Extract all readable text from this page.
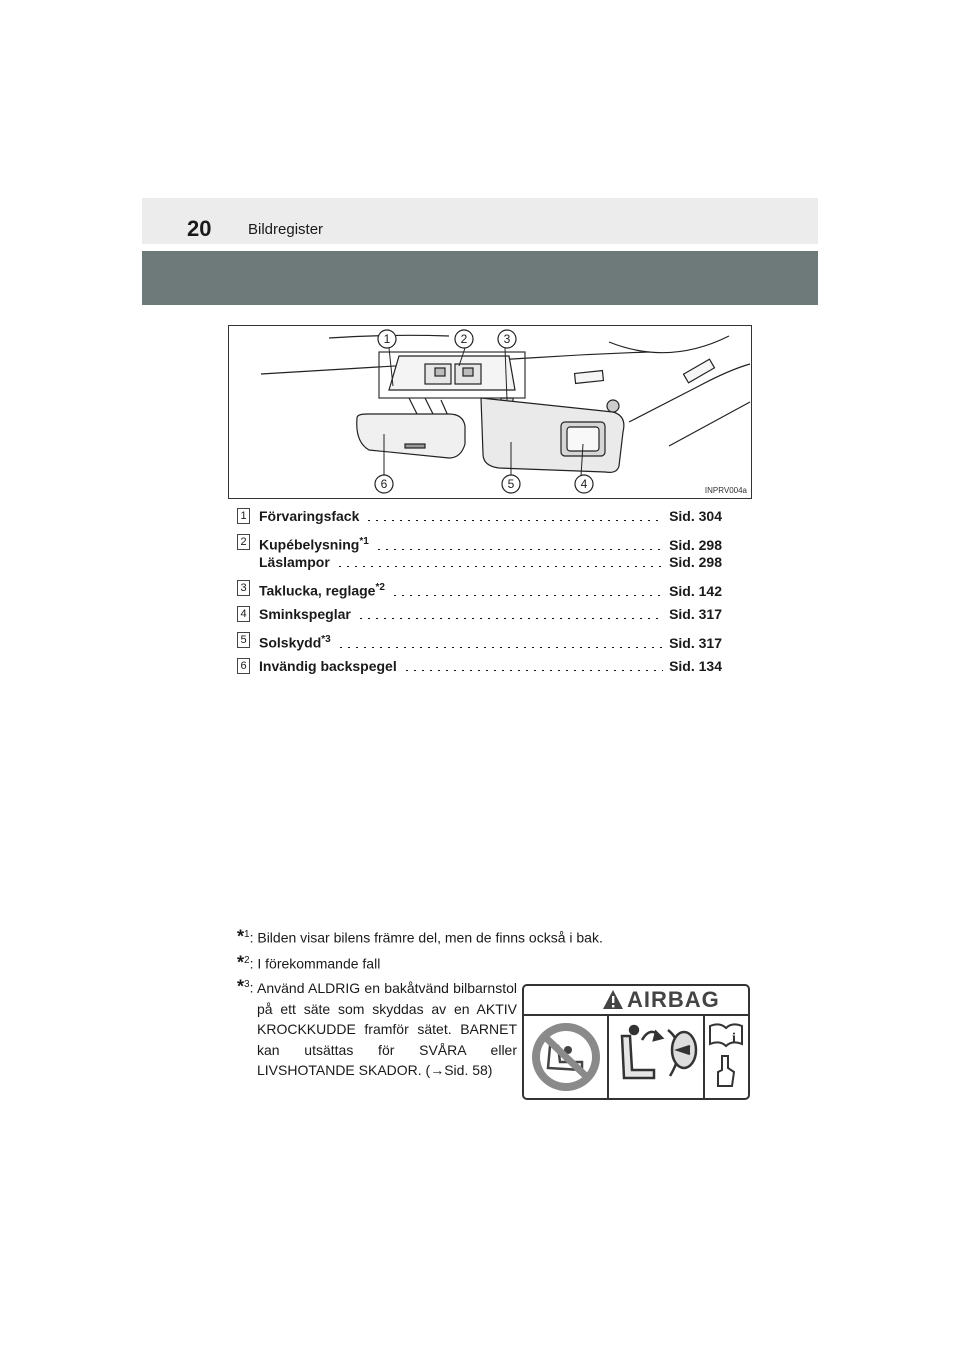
20 Bildregister
1	2	3
4
5
6	INPRV004a
1 Förvaringsfack	Sid. 304
2 Kupébelysning$^{*1}$	Sid. 298
Läslampor	Sid. 298
3 Taklucka, reglage$^{*2}$	Sid. 142
4 Sminkspeglar	Sid. 317
5 Solskydd$^{*3}$	Sid. 317
6 Invändig backspegel	Sid. 134
*$^1$: Bilden visar bilens främre del, men de finns också i bak.
*$^2$: I förekommande fall
*$^3$: Använd ALDRIG en bakåtvänd bilbarnstol på ett säte som skyddas av en AKTIV KROCKKUDDE framför sätet. BARNET kan utsättas för SVÅRA eller LIVSHOTANDE SKADOR. (→Sid. 58)
AIRBAG
i
